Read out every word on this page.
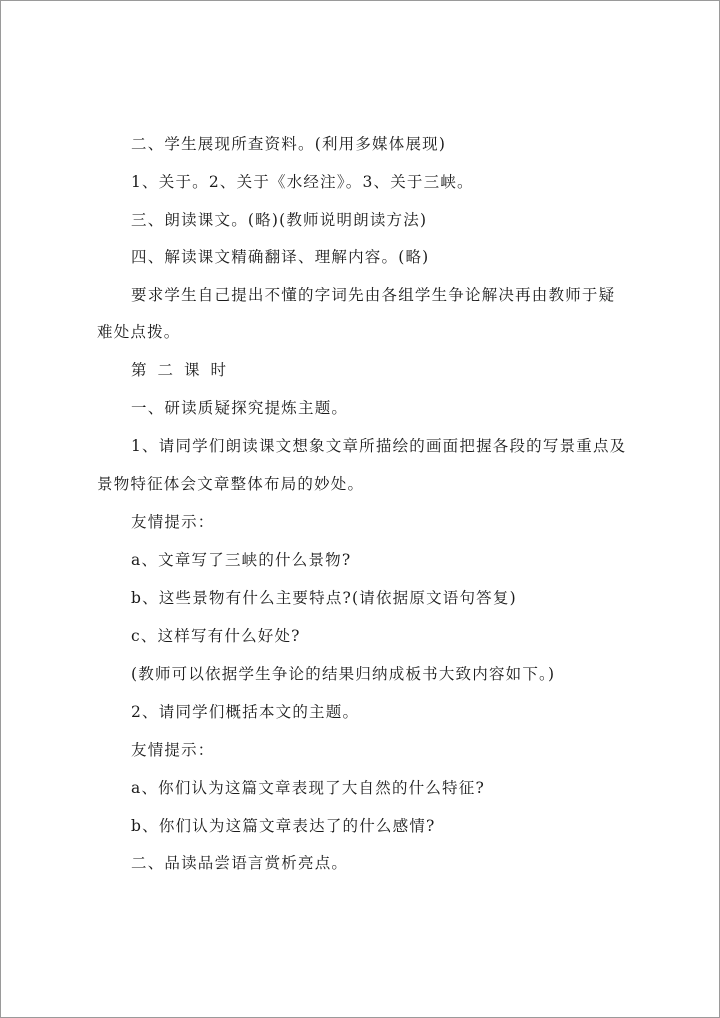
二、学生展现所查资料。(利用多媒体展现)
1、关于。2、关于《水经注》。3、关于三峡。
三、朗读课文。(略)(教师说明朗读方法)
四、解读课文精确翻译、理解内容。(略)
要求学生自己提出不懂的字词先由各组学生争论解决再由教师于疑
难处点拨。
第二课时
一、研读质疑探究提炼主题。
1、请同学们朗读课文想象文章所描绘的画面把握各段的写景重点及
景物特征体会文章整体布局的妙处。
友情提示：
a、文章写了三峡的什么景物?
b、这些景物有什么主要特点?(请依据原文语句答复)
c、这样写有什么好处?
(教师可以依据学生争论的结果归纳成板书大致内容如下。)
2、请同学们概括本文的主题。
友情提示：
a、你们认为这篇文章表现了大自然的什么特征?
b、你们认为这篇文章表达了的什么感情?
二、品读品尝语言赏析亮点。
